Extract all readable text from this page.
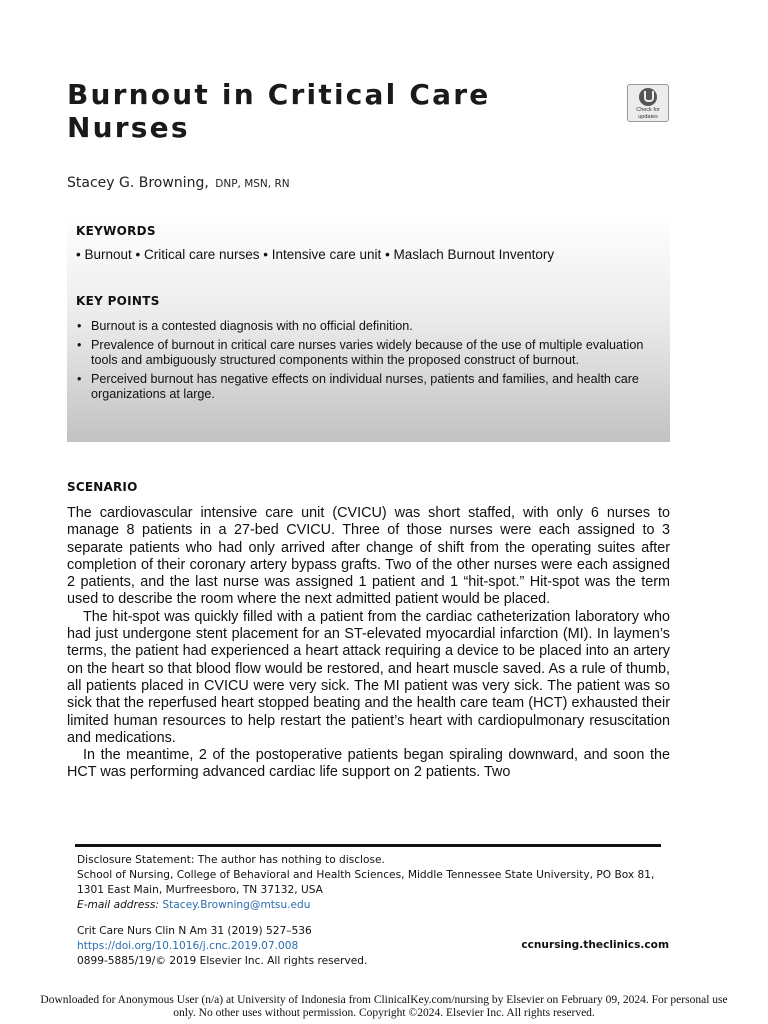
Burnout in Critical Care Nurses
Check for
updates
Stacey G. Browning, DNP, MSN, RN
KEYWORDS
• Burnout • Critical care nurses • Intensive care unit • Maslach Burnout Inventory
KEY POINTS
• Burnout is a contested diagnosis with no official definition.
• Prevalence of burnout in critical care nurses varies widely because of the use of multiple evaluation tools and ambiguously structured components within the proposed construct of burnout.
• Perceived burnout has negative effects on individual nurses, patients and families, and health care organizations at large.
SCENARIO

The cardiovascular intensive care unit (CVICU) was short staffed, with only 6 nurses to manage 8 patients in a 27-bed CVICU. Three of those nurses were each assigned to 3 separate patients who had only arrived after change of shift from the operating suites after completion of their coronary artery bypass grafts. Two of the other nurses were each assigned 2 patients, and the last nurse was assigned 1 patient and 1 “hit-spot.” Hit-spot was the term used to describe the room where the next admitted patient would be placed.

The hit-spot was quickly filled with a patient from the cardiac catheterization laboratory who had just undergone stent placement for an ST-elevated myocardial infarction (MI). In laymen’s terms, the patient had experienced a heart attack requiring a device to be placed into an artery on the heart so that blood flow would be restored, and heart muscle saved. As a rule of thumb, all patients placed in CVICU were very sick. The MI patient was very sick. The patient was so sick that the reperfused heart stopped beating and the health care team (HCT) exhausted their limited human resources to help restart the patient’s heart with cardiopulmonary resuscitation and medications.

In the meantime, 2 of the postoperative patients began spiraling downward, and soon the HCT was performing advanced cardiac life support on 2 patients. Two

Disclosure Statement: The author has nothing to disclose.

School of Nursing, College of Behavioral and Health Sciences, Middle Tennessee State University, PO Box 81, 1301 East Main, Murfreesboro, TN 37132, USA

E-mail address: Stacey.Browning@mtsu.edu

Crit Care Nurs Clin N Am 31 (2019) 527–536
https://doi.org/10.1016/j.cnc.2019.07.008
0899-5885/19/© 2019 Elsevier Inc. All rights reserved.
ccnursing.theclinics.com
Downloaded for Anonymous User (n/a) at University of Indonesia from ClinicalKey.com/nursing by Elsevier on February 09, 2024. For personal use only. No other uses without permission. Copyright ©2024. Elsevier Inc. All rights reserved.
